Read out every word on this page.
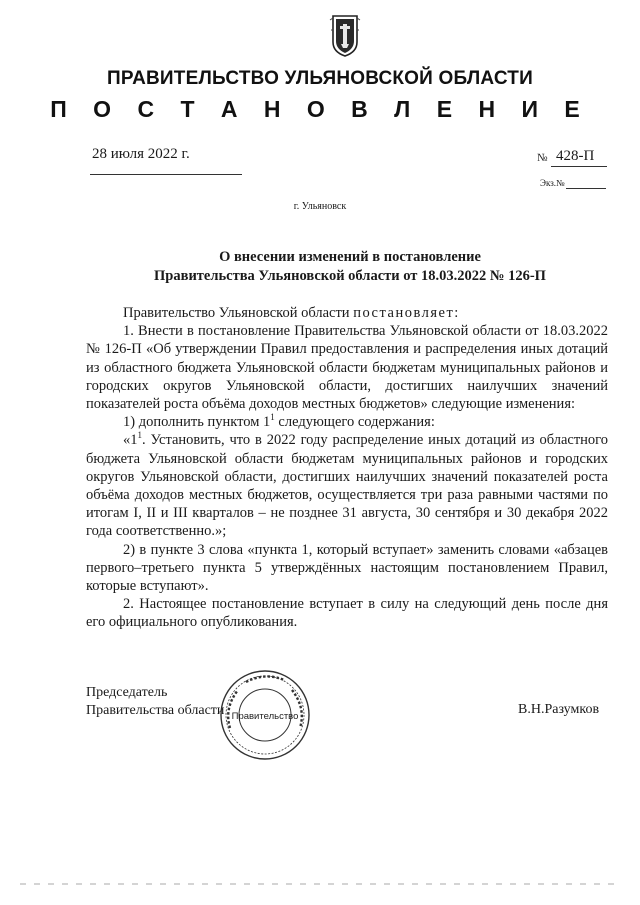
ПРАВИТЕЛЬСТВО УЛЬЯНОВСКОЙ ОБЛАСТИ
П О С Т А Н О В Л Е Н И Е
28 июля 2022 г.	№ 428-П
Экз.№
г. Ульяновск
О внесении изменений в постановление
Правительства Ульяновской области от 18.03.2022 № 126-П

Правительство Ульяновской области постановляет:

1. Внести в постановление Правительства Ульяновской области от 18.03.2022 № 126-П «Об утверждении Правил предоставления и распределения иных дотаций из областного бюджета Ульяновской области бюджетам муниципальных районов и городских округов Ульяновской области, достигших наилучших значений показателей роста объёма доходов местных бюджетов» следующие изменения:

1) дополнить пунктом $1^1$ следующего содержания:

«$1^1$. Установить, что в 2022 году распределение иных дотаций из областного бюджета Ульяновской области бюджетам муниципальных районов и городских округов Ульяновской области, достигших наилучших значений показателей роста объёма доходов местных бюджетов, осуществляется три раза равными частями по итогам I, II и III кварталов – не позднее 31 августа, 30 сентября и 30 декабря 2022 года соответственно.»;

2) в пункте 3 слова «пункта 1, который вступает» заменить словами «абзацев первого–третьего пункта 5 утверждённых настоящим постановлением Правил, которые вступают».

2. Настоящее постановление вступает в силу на следующий день после дня его официального опубликования.

Председатель
Правительства области Правительство	В.Н.Разумков
